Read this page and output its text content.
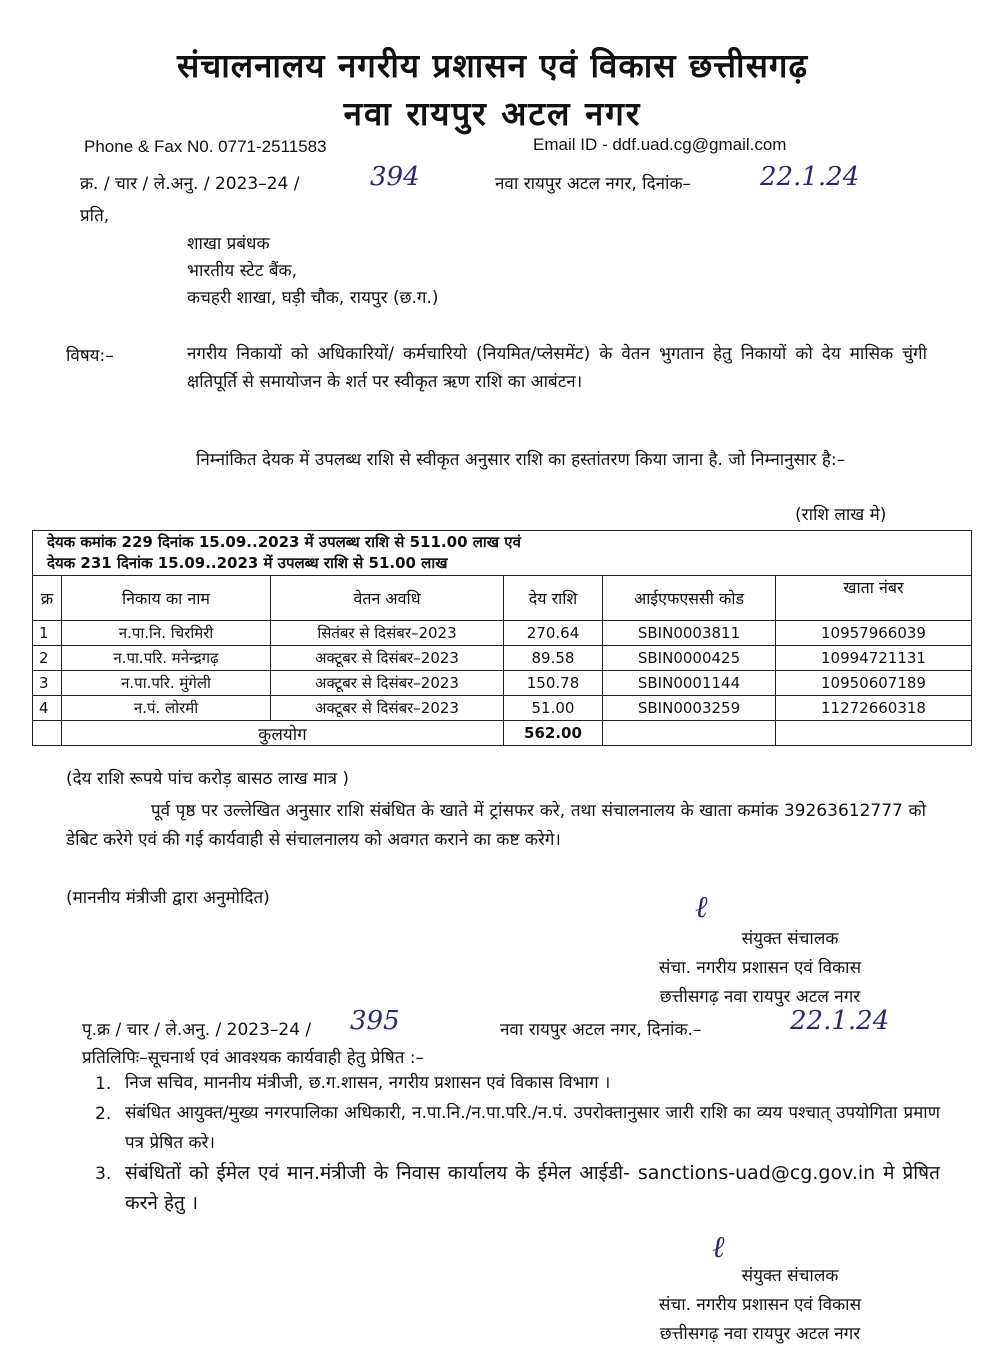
संचालनालय नगरीय प्रशासन एवं विकास छत्तीसगढ़
नवा रायपुर अटल नगर
Phone & Fax N0. 0771-2511583	Email ID - ddf.uad.cg@gmail.com
क्र. / चार / ले.अनु. / 2023–24 /	394	नवा रायपुर अटल नगर, दिनांक–	22.1.24
प्रति,
शाखा प्रबंधक
भारतीय स्टेट बैंक,
कचहरी शाखा, घड़ी चौक, रायपुर (छ.ग.)
विषय:–	नगरीय निकायों को अधिकारियों/ कर्मचारियो (नियमित/प्लेसमेंट) के वेतन भुगतान हेतु निकायों को देय मासिक चुंगी क्षतिपूर्ति से समायोजन के शर्त पर स्वीकृत ऋण राशि का आबंटन।
निम्नांकित देयक में उपलब्ध राशि से स्वीकृत अनुसार राशि का हस्तांतरण किया जाना है. जो निम्नानुसार है:–
(राशि लाख मे)
देयक कमांक 229 दिनांक 15.09..2023 में उपलब्ध राशि से 511.00 लाख एवं
देयक 231 दिनांक 15.09..2023 में उपलब्ध राशि से 51.00 लाख					

क्र	निकाय का नाम	वेतन अवधि	देय राशि	आईएफएससी कोड	खाता नंबर
1	न.पा.नि. चिरमिरी	सितंबर से दिसंबर–2023	270.64	SBIN0003811	10957966039
2	न.पा.परि. मनेन्द्रगढ़	अक्टूबर से दिसंबर–2023	89.58	SBIN0000425	10994721131
3	न.पा.परि. मुंगेली	अक्टूबर से दिसंबर–2023	150.78	SBIN0001144	10950607189
4	न.पं. लोरमी	अक्टूबर से दिसंबर–2023	51.00	SBIN0003259	11272660318
	कुलयोग		562.00		
(देय राशि रूपये पांच करोड़ बासठ लाख मात्र )
पूर्व पृष्ठ पर उल्लेखित अनुसार राशि संबंधित के खाते में ट्रांसफर करे, तथा संचालनालय के खाता कमांक 39263612777 को डेबिट करेगे एवं की गई कार्यवाही से संचालनालय को अवगत कराने का कष्ट करेगे।
(माननीय मंत्रीजी द्वारा अनुमोदित)	ℓ
संयुक्त संचालक
संचा. नगरीय प्रशासन एवं विकास
छत्तीसगढ़ नवा रायपुर अटल नगर
पृ.क्र / चार / ले.अनु. / 2023–24 / 395	नवा रायपुर अटल नगर, दिनांक.–	22.1.24
प्रतिलिपिः–सूचनार्थ एवं आवश्यक कार्यवाही हेतु प्रेषित :–
1. निज सचिव, माननीय मंत्रीजी, छ.ग.शासन, नगरीय प्रशासन एवं विकास विभाग ।
2. संबंधित आयुक्त/मुख्य नगरपालिका अधिकारी, न.पा.नि./न.पा.परि./न.पं. उपरोक्तानुसार जारी राशि का व्यय पश्चात् उपयोगिता प्रमाण पत्र प्रेषित करे।
3. संबंधितों को ईमेल एवं मान.मंत्रीजी के निवास कार्यालय के ईमेल आईडी- sanctions-uad@cg.gov.in मे प्रेषित करने हेतु ।
ℓ
संयुक्त संचालक
संचा. नगरीय प्रशासन एवं विकास
छत्तीसगढ़ नवा रायपुर अटल नगर
